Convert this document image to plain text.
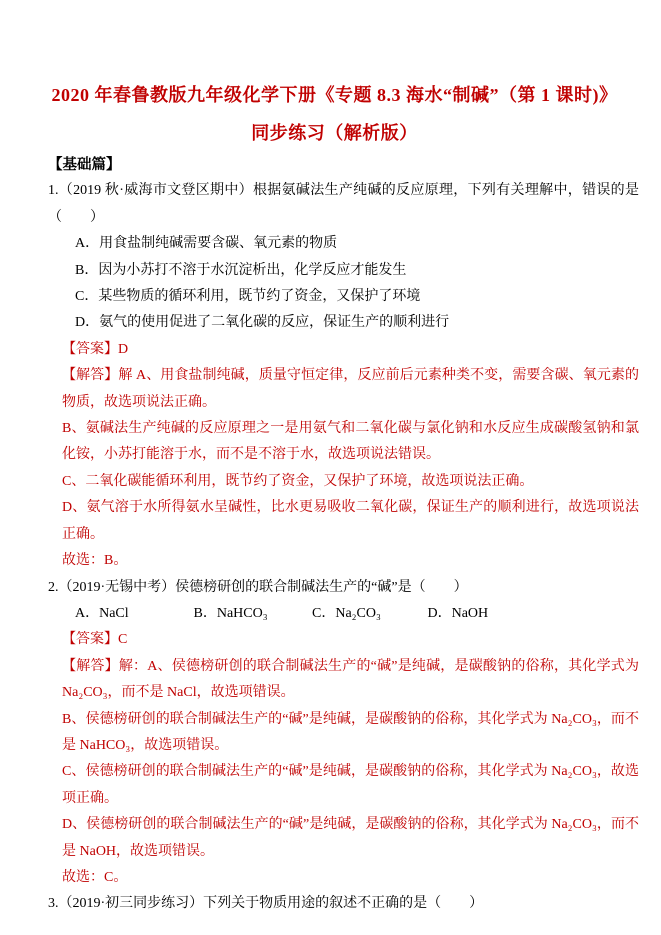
2020 年春鲁教版九年级化学下册《专题 8.3 海水“制碱”（第 1 课时)》
同步练习（解析版）

【基础篇】

1.（2019 秋·威海市文登区期中）根据氨碱法生产纯碱的反应原理，下列有关理解中，错误的是（　　）

A．用食盐制纯碱需要含碳、氧元素的物质

B．因为小苏打不溶于水沉淀析出，化学反应才能发生

C．某些物质的循环利用，既节约了资金，又保护了环境

D．氨气的使用促进了二氧化碳的反应，保证生产的顺利进行

【答案】D

【解答】解 A、用食盐制纯碱，质量守恒定律，反应前后元素种类不变，需要含碳、氧元素的物质，故选项说法正确。

B、氨碱法生产纯碱的反应原理之一是用氨气和二氧化碳与氯化钠和水反应生成碳酸氢钠和氯化铵，小苏打能溶于水，而不是不溶于水，故选项说法错误。

C、二氧化碳能循环利用，既节约了资金，又保护了环境，故选项说法正确。

D、氨气溶于水所得氨水呈碱性，比水更易吸收二氧化碳，保证生产的顺利进行，故选项说法正确。

故选：B。

2.（2019·无锡中考）侯德榜研创的联合制碱法生产的“碱”是（　　）

A．NaCl	B．NaHCO₃	C．Na₂CO₃	D．NaOH

【答案】C

【解答】解：A、侯德榜研创的联合制碱法生产的“碱”是纯碱，是碳酸钠的俗称，其化学式为 Na₂CO₃，而不是 NaCl，故选项错误。

B、侯德榜研创的联合制碱法生产的“碱”是纯碱，是碳酸钠的俗称，其化学式为 Na₂CO₃，而不是 NaHCO₃，故选项错误。

C、侯德榜研创的联合制碱法生产的“碱”是纯碱，是碳酸钠的俗称，其化学式为 Na₂CO₃，故选项正确。

D、侯德榜研创的联合制碱法生产的“碱”是纯碱，是碳酸钠的俗称，其化学式为 Na₂CO₃，而不是 NaOH，故选项错误。

故选：C。

3.（2019·初三同步练习）下列关于物质用途的叙述不正确的是（　　）
